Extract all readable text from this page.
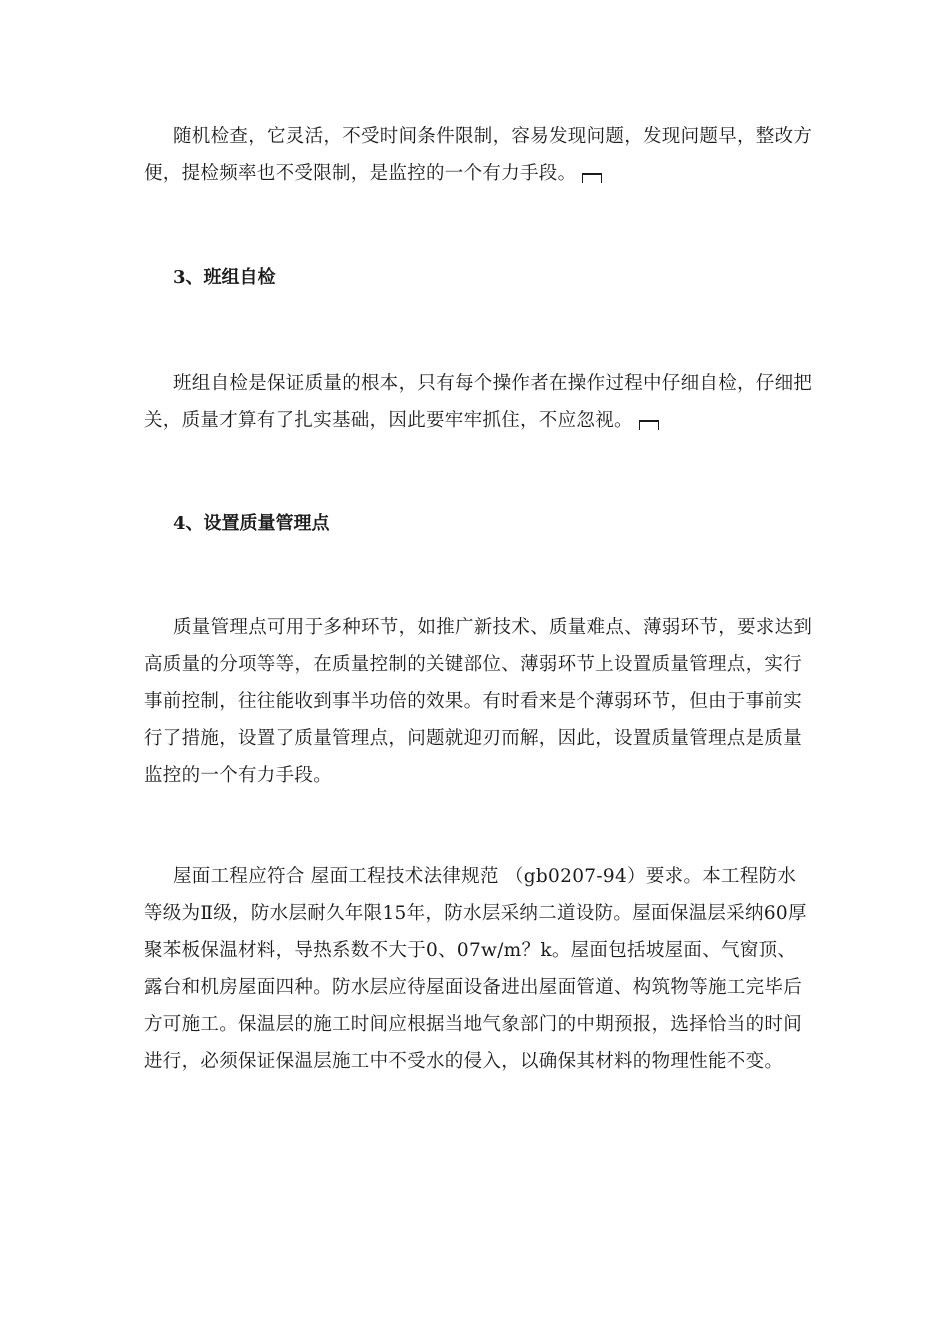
随机检查，它灵活，不受时间条件限制，容易发现问题，发现问题早，整改方便，提检频率也不受限制，是监控的一个有力手段。

3、班组自检

班组自检是保证质量的根本，只有每个操作者在操作过程中仔细自检，仔细把关，质量才算有了扎实基础，因此要牢牢抓住，不应忽视。

4、设置质量管理点

质量管理点可用于多种环节，如推广新技术、质量难点、薄弱环节，要求达到高质量的分项等等，在质量控制的关键部位、薄弱环节上设置质量管理点，实行事前控制，往往能收到事半功倍的效果。有时看来是个薄弱环节，但由于事前实行了措施，设置了质量管理点，问题就迎刃而解，因此，设置质量管理点是质量监控的一个有力手段。

屋面工程应符合 屋面工程技术法律规范 （gb0207-94）要求。本工程防水等级为Ⅱ级，防水层耐久年限15年，防水层采纳二道设防。屋面保温层采纳60厚聚苯板保温材料，导热系数不大于0、07w/m？k。屋面包括坡屋面、气窗顶、露台和机房屋面四种。防水层应待屋面设备进出屋面管道、构筑物等施工完毕后方可施工。保温层的施工时间应根据当地气象部门的中期预报，选择恰当的时间进行，必须保证保温层施工中不受水的侵入，以确保其材料的物理性能不变。
